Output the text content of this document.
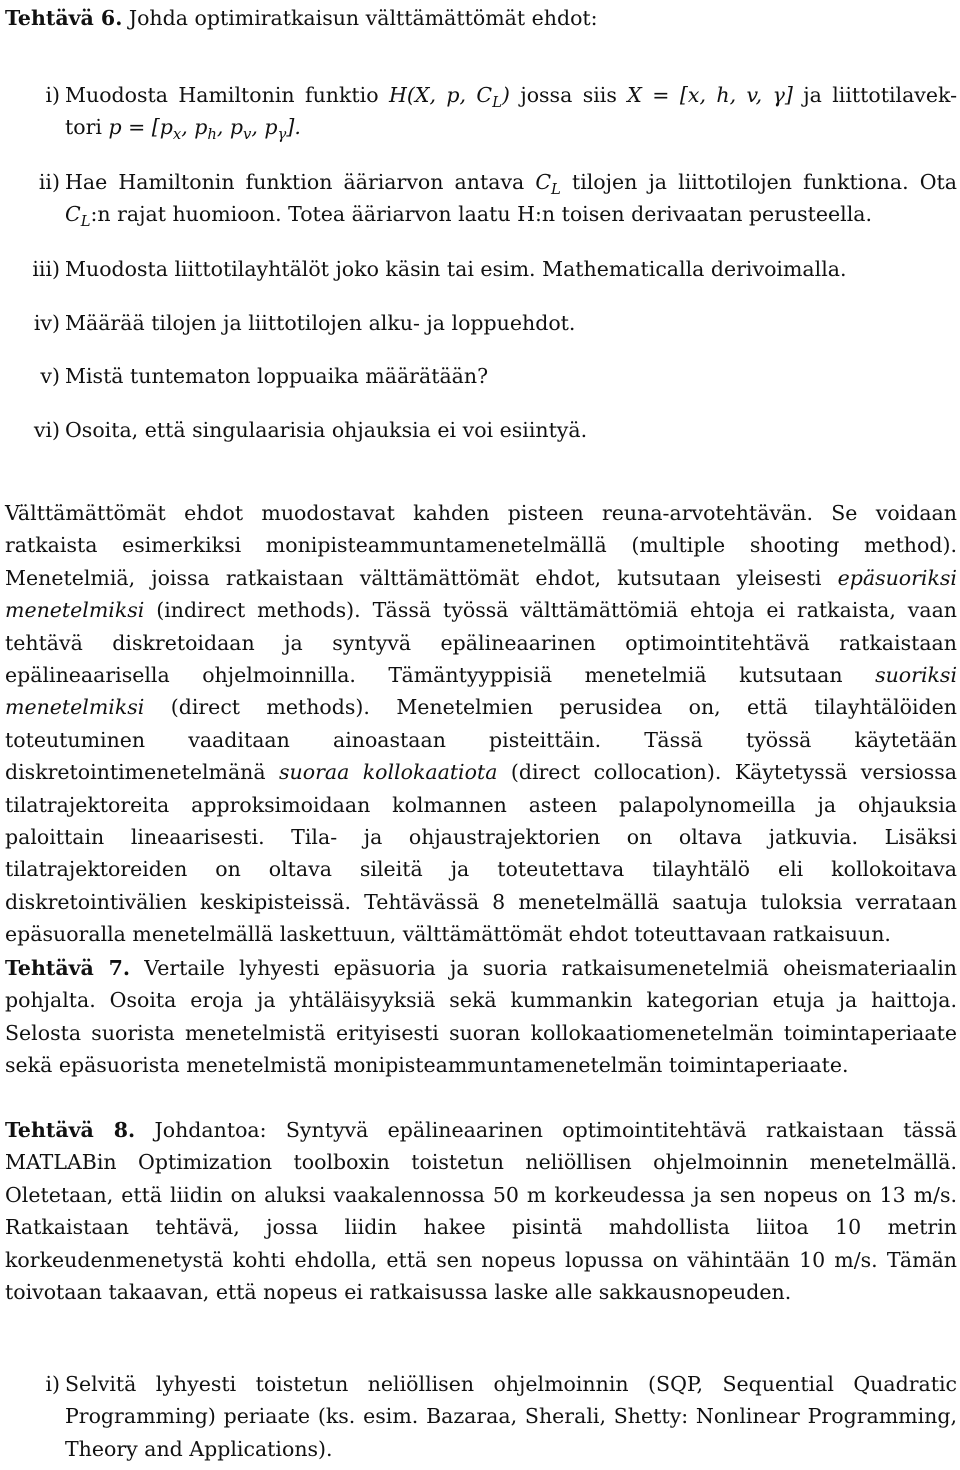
Tehtävä 6. Johda optimiratkaisun välttämättömät ehdot:
i) Muodosta Hamiltonin funktio H(X, p, $C_L$) jossa siis X = [x, h, v, γ] ja liittotilavek-
tori $p = [p_x$, $p_h$, $p_v$, $p_\gamma$].
ii) Hae Hamiltonin funktion ääriarvon antava $C_L$ tilojen ja liittotilojen funktiona. Ota
$C_L:n$ rajat huomioon. Totea ääriarvon laatu H:n toisen derivaatan perusteella.
iii) Muodosta liittotilayhtälöt joko käsin tai esim. Mathematicalla derivoimalla.
iv) Määrää tilojen ja liittotilojen alku- ja loppuehdot.
v) Mistä tuntematon loppuaika määrätään?
vi) Osoita, että singulaarisia ohjauksia ei voi esiintyä.
Välttämättömät ehdot muodostavat kahden pisteen reuna-arvotehtävän. Se voidaan ratkaista esimerkiksi monipisteammuntamenetelmällä (multiple shooting method). Menetelmiä, joissa ratkaistaan välttämättömät ehdot, kutsutaan yleisesti epäsuoriksi menetelmiksi (indirect methods). Tässä työssä välttämättömiä ehtoja ei ratkaista, vaan tehtävä diskretoidaan ja syntyvä epälineaarinen optimointitehtävä ratkaistaan epälineaarisella ohjelmoinnilla. Tämäntyyppisiä menetelmiä kutsutaan suoriksi menetelmiksi (direct methods). Menetelmien perusidea on, että tilayhtälöiden toteutuminen vaaditaan ainoastaan pisteittäin. Tässä työssä käytetään diskretointimenetelmänä suoraa kollokaatiota (direct collocation). Käytetyssä versiossa tilatrajektoreita approksimoidaan kolmannen asteen palapolynomeilla ja ohjauksia paloittain lineaarisesti. Tila- ja ohjaustrajektorien on oltava jatkuvia. Lisäksi tilatrajektoreiden on oltava sileitä ja toteutettava tilayhtälö eli kollokoitava diskretointivälien keskipisteissä. Tehtävässä 8 menetelmällä saatuja tuloksia verrataan epäsuoralla menetelmällä laskettuun, välttämättömät ehdot toteuttavaan ratkaisuun.
Tehtävä 7. Vertaile lyhyesti epäsuoria ja suoria ratkaisumenetelmiä oheismateriaalin pohjalta. Osoita eroja ja yhtäläisyyksiä sekä kummankin kategorian etuja ja haittoja. Selosta suorista menetelmistä erityisesti suoran kollokaatiomenetelmän toimintaperiaate sekä epäsuorista menetelmistä monipisteammuntamenetelmän toimintaperiaate.
Tehtävä 8. Johdantoa: Syntyvä epälineaarinen optimointitehtävä ratkaistaan tässä MATLABin Optimization toolboxin toistetun neliöllisen ohjelmoinnin menetelmällä. Oletetaan, että liidin on aluksi vaakalennossa 50 m korkeudessa ja sen nopeus on 13 m/s. Ratkaistaan tehtävä, jossa liidin hakee pisintä mahdollista liitoa 10 metrin korkeudenmenetystä kohti ehdolla, että sen nopeus lopussa on vähintään 10 m/s. Tämän toivotaan takaavan, että nopeus ei ratkaisussa laske alle sakkausnopeuden.
i) Selvitä lyhyesti toistetun neliöllisen ohjelmoinnin (SQP, Sequential Quadratic Programming) periaate (ks. esim. Bazaraa, Sherali, Shetty: Nonlinear Programming, Theory and Applications).
